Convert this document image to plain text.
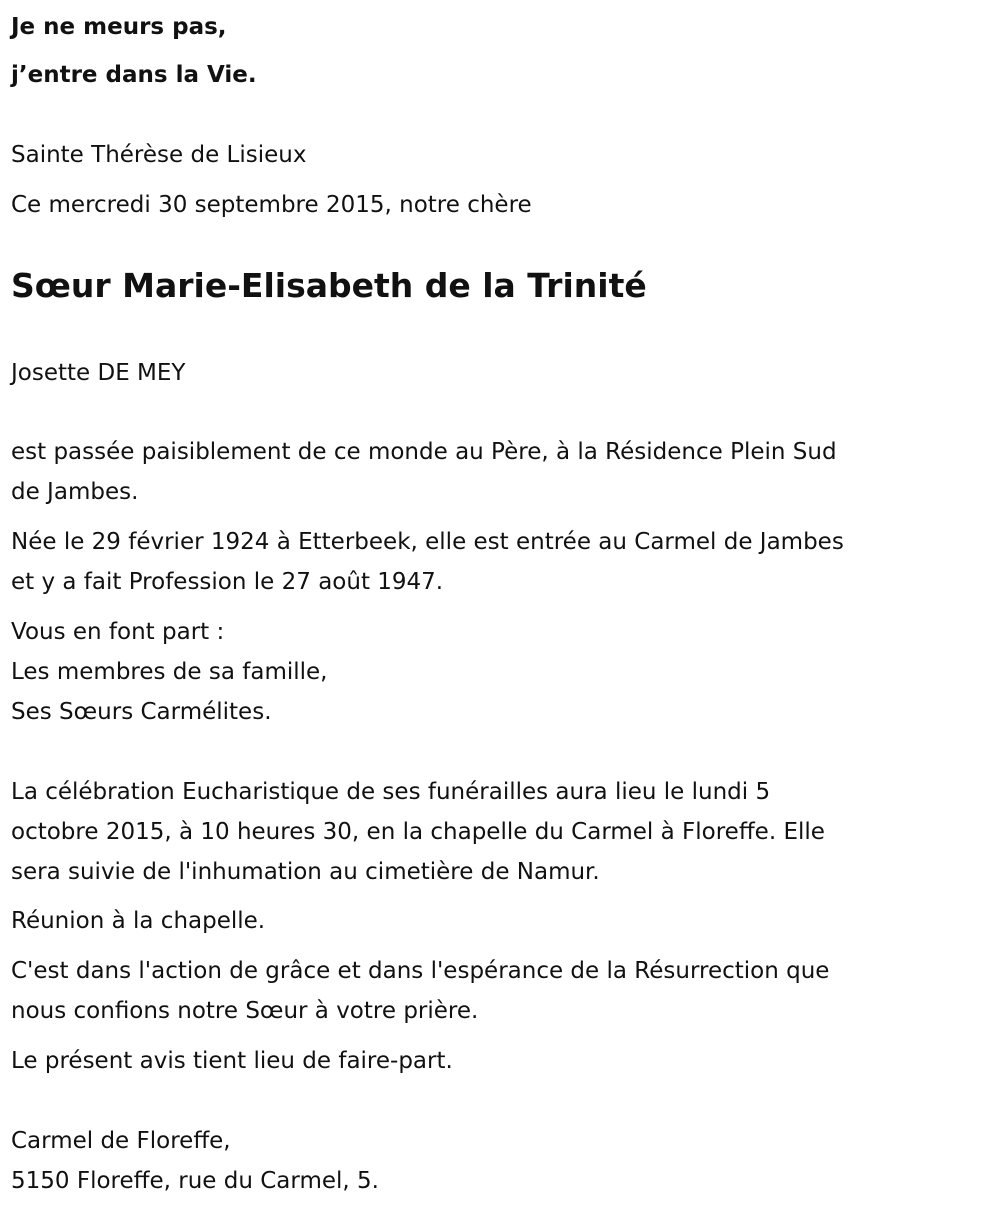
Je ne meurs pas,

j’entre dans la Vie.

Sainte Thérèse de Lisieux

Ce mercredi 30 septembre 2015, notre chère

Sœur Marie-Elisabeth de la Trinité

Josette DE MEY

est passée paisiblement de ce monde au Père, à la Résidence Plein Sud

de Jambes.

Née le 29 février 1924 à Etterbeek, elle est entrée au Carmel de Jambes

et y a fait Profession le 27 août 1947.

Vous en font part :

Les membres de sa famille,

Ses Sœurs Carmélites.

La célébration Eucharistique de ses funérailles aura lieu le lundi 5

octobre 2015, à 10 heures 30, en la chapelle du Carmel à Floreffe. Elle

sera suivie de l'inhumation au cimetière de Namur.

Réunion à la chapelle.

C'est dans l'action de grâce et dans l'espérance de la Résurrection que

nous confions notre Sœur à votre prière.

Le présent avis tient lieu de faire-part.

Carmel de Floreffe,

5150 Floreffe, rue du Carmel, 5.
